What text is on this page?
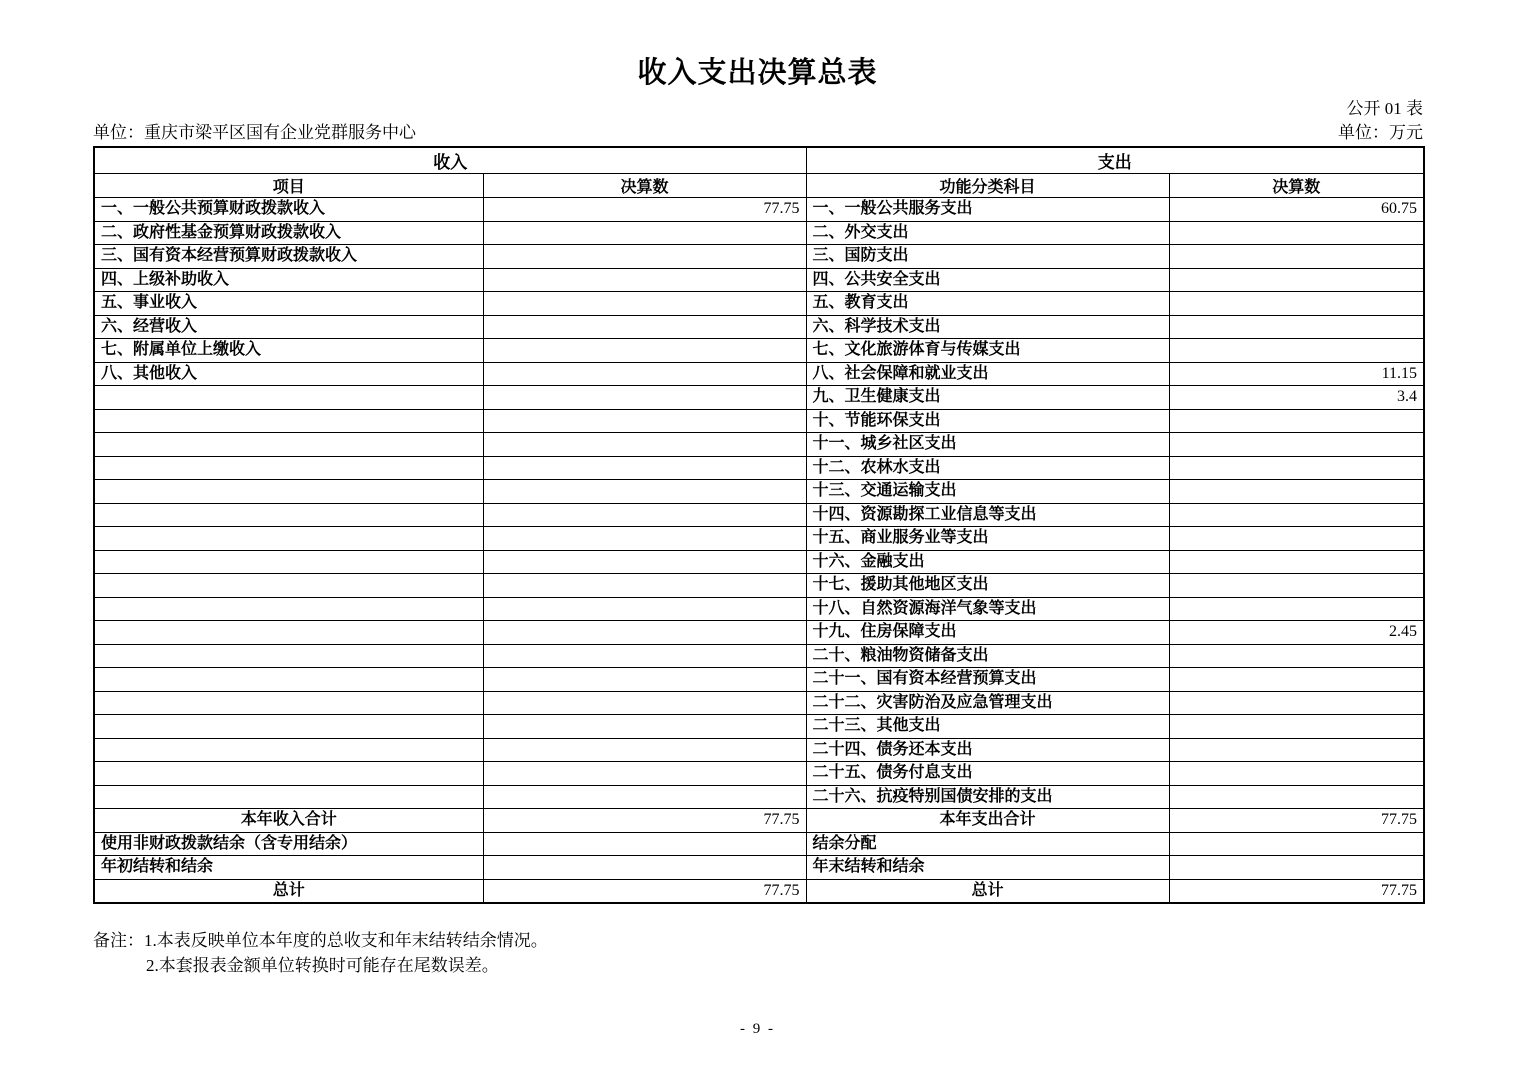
收入支出决算总表
公开 01 表
单位：重庆市梁平区国有企业党群服务中心	单位：万元
收入		支出	
项目	决算数	功能分类科目	决算数
一、一般公共预算财政拨款收入	77.75	一、一般公共服务支出	60.75
二、政府性基金预算财政拨款收入		二、外交支出	
三、国有资本经营预算财政拨款收入		三、国防支出	
四、上级补助收入		四、公共安全支出	
五、事业收入		五、教育支出	
六、经营收入		六、科学技术支出	
七、附属单位上缴收入		七、文化旅游体育与传媒支出	
八、其他收入		八、社会保障和就业支出	11.15
		九、卫生健康支出	3.4
		十、节能环保支出	
		十一、城乡社区支出	
		十二、农林水支出	
		十三、交通运输支出	
		十四、资源勘探工业信息等支出	
		十五、商业服务业等支出	
		十六、金融支出	
		十七、援助其他地区支出	
		十八、自然资源海洋气象等支出	
		十九、住房保障支出	2.45
		二十、粮油物资储备支出	
		二十一、国有资本经营预算支出	
		二十二、灾害防治及应急管理支出	
		二十三、其他支出	
		二十四、债务还本支出	
		二十五、债务付息支出	
		二十六、抗疫特别国债安排的支出	
本年收入合计	77.75	本年支出合计	77.75
使用非财政拨款结余（含专用结余）		结余分配	
年初结转和结余		年末结转和结余	
总计	77.75	总计	77.75
备注：1.本表反映单位本年度的总收支和年末结转结余情况。
2.本套报表金额单位转换时可能存在尾数误差。
- 9 -
